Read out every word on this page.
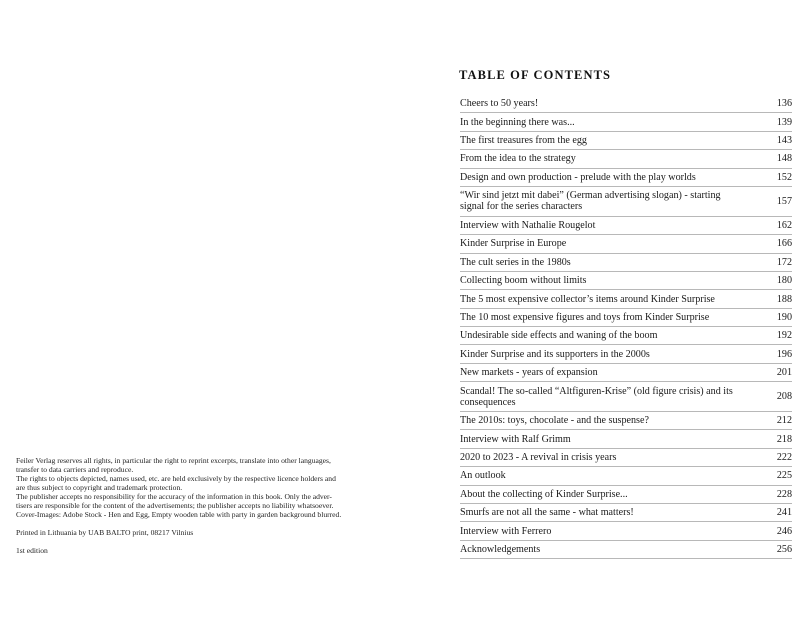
Feiler Verlag reserves all rights, in particular the right to reprint excerpts, translate into other languages,

transfer to data carriers and reproduce.

The rights to objects depicted, names used, etc. are held exclusively by the respective licence holders and

are thus subject to copyright and trademark protection.

The publisher accepts no responsibility for the accuracy of the information in this book. Only the adver-

tisers are responsible for the content of the advertisements; the publisher accepts no liability whatsoever.

Cover-Images: Adobe Stock - Hen and Egg, Empty wooden table with party in garden background blurred.

Printed in Lithuania by UAB BALTO print, 08217 Vilnius

1st edition

TABLE OF CONTENTS
Cheers to 50 years!	136
In the beginning there was...	139
The first treasures from the egg	143
From the idea to the strategy	148
Design and own production - prelude with the play worlds	152
“Wir sind jetzt mit dabei” (German advertising slogan) - starting signal for the series characters	157
Interview with Nathalie Rougelot	162
Kinder Surprise in Europe	166
The cult series in the 1980s	172
Collecting boom without limits	180
The 5 most expensive collector’s items around Kinder Surprise	188
The 10 most expensive figures and toys from Kinder Surprise	190
Undesirable side effects and waning of the boom	192
Kinder Surprise and its supporters in the 2000s	196
New markets - years of expansion	201
Scandal! The so-called “Altfiguren-Krise” (old figure crisis) and its consequences	208
The 2010s: toys, chocolate - and the suspense?	212
Interview with Ralf Grimm	218
2020 to 2023 - A revival in crisis years	222
An outlook	225
About the collecting of Kinder Surprise...	228
Smurfs are not all the same - what matters!	241
Interview with Ferrero	246
Acknowledgements	256
